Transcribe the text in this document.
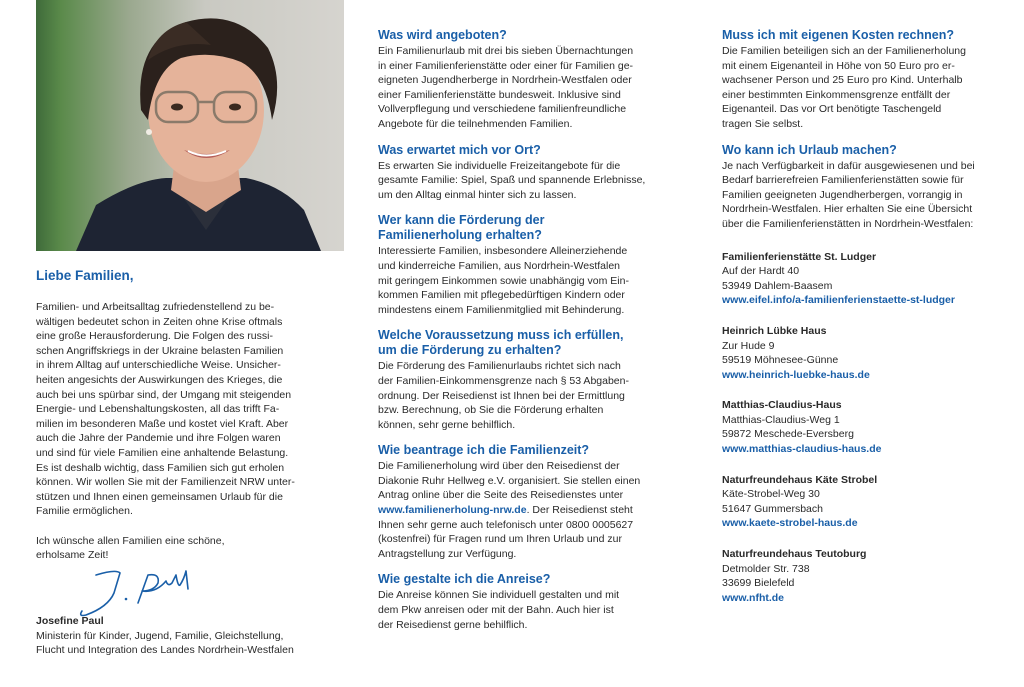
Liebe Familien,

Familien- und Arbeitsalltag zufriedenstellend zu be-
wältigen bedeutet schon in Zeiten ohne Krise oftmals
eine große Herausforderung. Die Folgen des russi-
schen Angriffskriegs in der Ukraine belasten Familien
in ihrem Alltag auf unterschiedliche Weise. Unsicher-
heiten angesichts der Auswirkungen des Krieges, die
auch bei uns spürbar sind, der Umgang mit steigenden
Energie- und Lebenshaltungskosten, all das trifft Fa-
milien im besonderen Maße und kostet viel Kraft. Aber
auch die Jahre der Pandemie und ihre Folgen waren
und sind für viele Familien eine anhaltende Belastung.
Es ist deshalb wichtig, dass Familien sich gut erholen
können. Wir wollen Sie mit der Familienzeit NRW unter-
stützen und Ihnen einen gemeinsamen Urlaub für die
Familie ermöglichen.

Ich wünsche allen Familien eine schöne,
erholsame Zeit!

Josefine Paul
Ministerin für Kinder, Jugend, Familie, Gleichstellung,
Flucht und Integration des Landes Nordrhein-Westfalen
Was wird angeboten?
Ein Familienurlaub mit drei bis sieben Übernachtungen
in einer Familienferienstätte oder einer für Familien ge-
eigneten Jugendherberge in Nordrhein-Westfalen oder
einer Familienferienstätte bundesweit. Inklusive sind
Vollverpflegung und verschiedene familienfreundliche
Angebote für die teilnehmenden Familien.
Was erwartet mich vor Ort?
Es erwarten Sie individuelle Freizeitangebote für die
gesamte Familie: Spiel, Spaß und spannende Erlebnisse,
um den Alltag einmal hinter sich zu lassen.
Wer kann die Förderung der
Familienerholung erhalten?
Interessierte Familien, insbesondere Alleinerziehende
und kinderreiche Familien, aus Nordrhein-Westfalen
mit geringem Einkommen sowie unabhängig vom Ein-
kommen Familien mit pflegebedürftigen Kindern oder
mindestens einem Familienmitglied mit Behinderung.
Welche Voraussetzung muss ich erfüllen,
um die Förderung zu erhalten?
Die Förderung des Familienurlaubs richtet sich nach
der Familien-Einkommensgrenze nach § 53 Abgaben-
ordnung. Der Reisedienst ist Ihnen bei der Ermittlung
bzw. Berechnung, ob Sie die Förderung erhalten
können, sehr gerne behilflich.
Wie beantrage ich die Familienzeit?
Die Familienerholung wird über den Reisedienst der
Diakonie Ruhr Hellweg e.V. organisiert. Sie stellen einen
Antrag online über die Seite des Reisedienstes unter
www.familienerholung-nrw.de. Der Reisedienst steht
Ihnen sehr gerne auch telefonisch unter 0800 0005627
(kostenfrei) für Fragen rund um Ihren Urlaub und zur
Antragstellung zur Verfügung.
Wie gestalte ich die Anreise?
Die Anreise können Sie individuell gestalten und mit
dem Pkw anreisen oder mit der Bahn. Auch hier ist
der Reisedienst gerne behilflich.
Muss ich mit eigenen Kosten rechnen?
Die Familien beteiligen sich an der Familienerholung
mit einem Eigenanteil in Höhe von 50 Euro pro er-
wachsener Person und 25 Euro pro Kind. Unterhalb
einer bestimmten Einkommensgrenze entfällt der
Eigenanteil. Das vor Ort benötigte Taschengeld
tragen Sie selbst.
Wo kann ich Urlaub machen?
Je nach Verfügbarkeit in dafür ausgewiesenen und bei
Bedarf barrierefreien Familienferienstätten sowie für
Familien geeigneten Jugendherbergen, vorrangig in
Nordrhein-Westfalen. Hier erhalten Sie eine Übersicht
über die Familienferienstätten in Nordrhein-Westfalen:
Familienferienstätte St. Ludger
Auf der Hardt 40
53949 Dahlem-Baasem
www.eifel.info/a-familienferienstaette-st-ludger
Heinrich Lübke Haus
Zur Hude 9
59519 Möhnesee-Günne
www.heinrich-luebke-haus.de
Matthias-Claudius-Haus
Matthias-Claudius-Weg 1
59872 Meschede-Eversberg
www.matthias-claudius-haus.de
Naturfreundehaus Käte Strobel
Käte-Strobel-Weg 30
51647 Gummersbach
www.kaete-strobel-haus.de
Naturfreundehaus Teutoburg
Detmolder Str. 738
33699 Bielefeld
www.nfht.de
